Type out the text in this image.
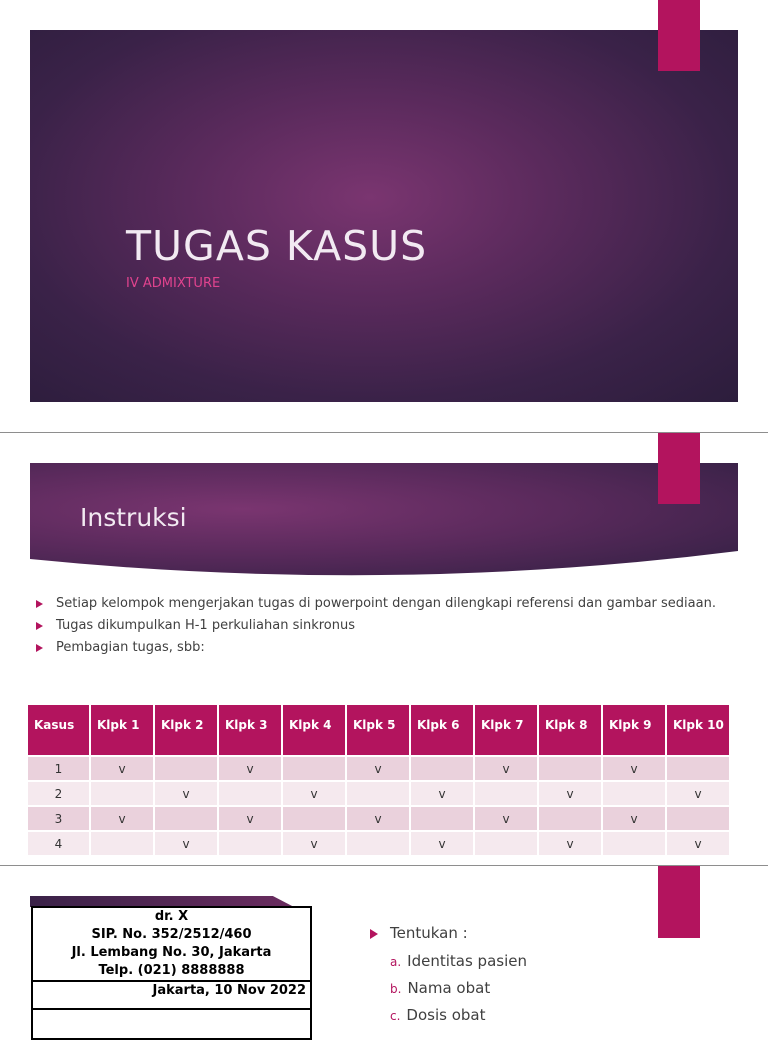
TUGAS KASUS
IV ADMIXTURE
Instruksi
Setiap kelompok mengerjakan tugas di powerpoint dengan dilengkapi referensi dan gambar sediaan.
Tugas dikumpulkan H-1 perkuliahan sinkronus
Pembagian tugas, sbb:
Kasus	Klpk 1	Klpk 2	Klpk 3	Klpk 4	Klpk 5	Klpk 6	Klpk 7	Klpk 8	Klpk 9	Klpk 10
1	v		v		v		v		v	
2		v		v		v		v		v
3	v		v		v		v		v	
4		v		v		v		v		v
dr. X
SIP. No. 352/2512/460
Jl. Lembang No. 30, Jakarta
Telp. (021) 8888888
Jakarta, 10 Nov 2022
Tentukan :
a. Identitas pasien
b. Nama obat
c. Dosis obat
